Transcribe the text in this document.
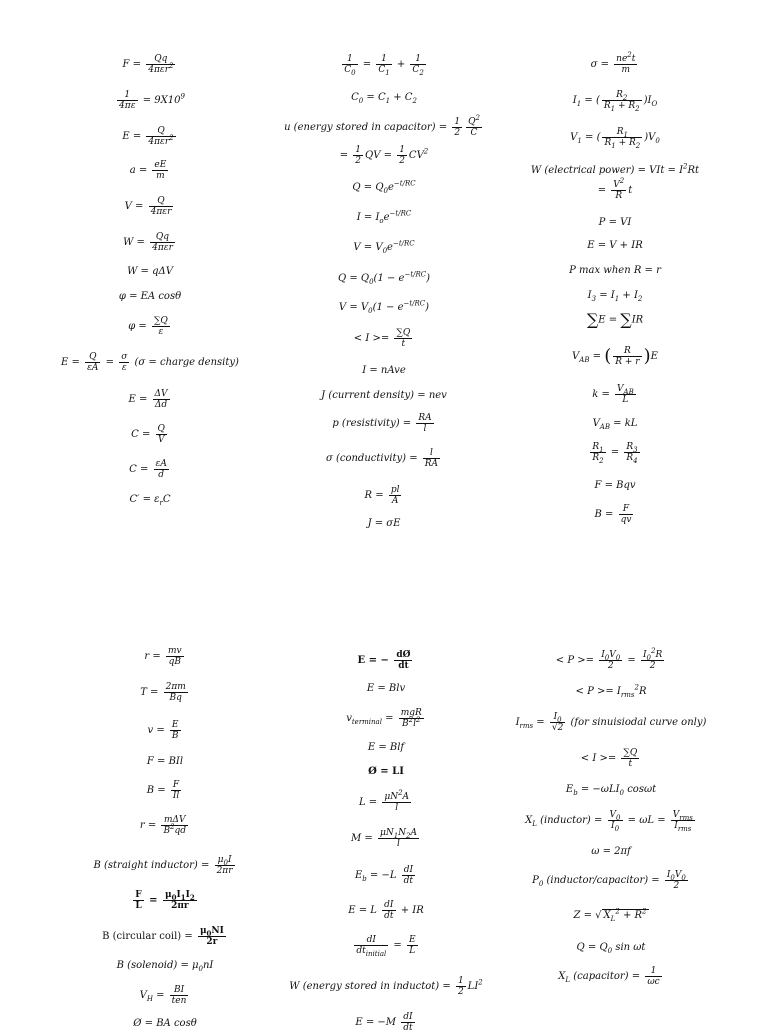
$F = \frac{Qq}{4\pi\varepsilon r^2}$
$\frac{1}{4\pi\varepsilon} = 9X10^9$
$E = \frac{Q}{4\pi\varepsilon r^2}$
$a = \frac{eE}{m}$
$V = \frac{Q}{\text{4πεr}}$
$W = \frac{Qq}{\text{4πεr}}$
W = qΔV
φ = EA cosθ
$\varphi = \frac{\sum Q}{\varepsilon}$
$E = \frac{Q}{\varepsilon A} = \frac{\sigma}{\varepsilon} (\sigma$ = charge density)
$E = \frac{\Delta V}{\Delta d}$
$C = \frac{Q}{V}$
$C = \frac{\varepsilon A}{d}$
$C' = \varepsilon_rC$
$\frac{1}{C_0} = \frac{1}{C_1} + \frac{1}{C_2}$
$C_0 = C_1 + C_2$
u (energy stored in capacitor) = $\frac{1}{2} \frac{Q^2}{C}$
= $\frac{1}{2}$ QV = $\frac{1}{2} CV^2$
$Q = Q_0e^{-t/RC}$
$I = I_oe^{-t/RC}$
$V = V_0e^{-t/RC}$
$Q = Q_0(1 - e^{-t/RC})$
$V = V_0(1 - e^{-t/RC})$
< $I >= \frac{\sum Q}{t}$
I = nAve
J (current density) = nev
p (resistivity) = $\frac{RA}{l}$
σ (conductivity) = $\frac{l}{RA}$
$R = \frac{pl}{A}$
J = σE
$\sigma = \frac{ne^2t}{m}$
$I_1$ = ( $\frac{R_2}{R_1 + R_2} )I_O$
$V_1$ = ( $\frac{R_1}{R_1 + R_2} )V_0$
W (electrical power) = VIt = $I^2Rt$
= $\frac{V^2}{R}$ t
P = VI
E = V + IR
P max when R = r
$I_3 = I_1 + I_2$
∑E = ∑IR
$V_{AB}$ = ( $\frac{R}{R + r} )E$
$k = \frac{V_{AB}}{L}$
$V_{AB}$ = kL
$\frac{R_1}{R_2} = \frac{R_3}{R_4}$
F = Bqv
$B = \frac{F}{qv}$
$r = \frac{mv}{qB}$
$T = \frac{2\pi m}{Bq}$
$v = \frac{E}{B}$
F = BIl
$B = \frac{F}{Il}$
$r = \frac{\text{mΔV}}{B^2qd}$
B (straight inductor) = $\frac{\mu_0I}{2\pi r}$
$\frac{F}{L} = \frac{\mu_0I_1I_2}{2\pi r}$
B (circular coil) = $\frac{\mu_0NI}{2r}$
B (solenoid) = $\mu_0nI$
$V_H = \frac{BI}{\text{ten}}$
Ø = BA cosθ
E = − $\frac{dØ}{dt}$
E = Blv
$v_{terminal} = \frac{\text{mgR}}{B^2l^2}$
E = Blf
Ø = LI
$L = \frac{\mu N^2A}{l}$
$M = \frac{\mu N_1N_2A}{l}$
$E_b = -L \frac{dI}{dt}$
E = L $\frac{dI}{dt}$ + IR
$\frac{dI}{dt_{initial}} = \frac{E}{L}$
W (energy stored in inductot) = $\frac{1}{2} LI^2$
$E = -M \frac{dI}{dt}$
< $P >= \frac{I_0V_0}{2} = \frac{I_0^2R}{2}$
< $P >= I_{rms}^2R$
$I_{rms} = \frac{I_0}{√2} (for$ sinuisiodal curve only)
< $I >= \frac{\sum Q}{t}$
$E_b = -\omega LI_0$ cosωt
$X_L$ (inductor) = $\frac{V_0}{I_0} = \omega L = \frac{V_{rms}}{I_{rms}}$
ω = 2πf
$P_0$ (inductor/capacitor) = $\frac{I_0V_0}{2}$
Z = √ $X_L^2 + R^2$
$Q = Q_0$ sin ωt
$X_L$ (capacitor) = $\frac{1}{\omega c}$
